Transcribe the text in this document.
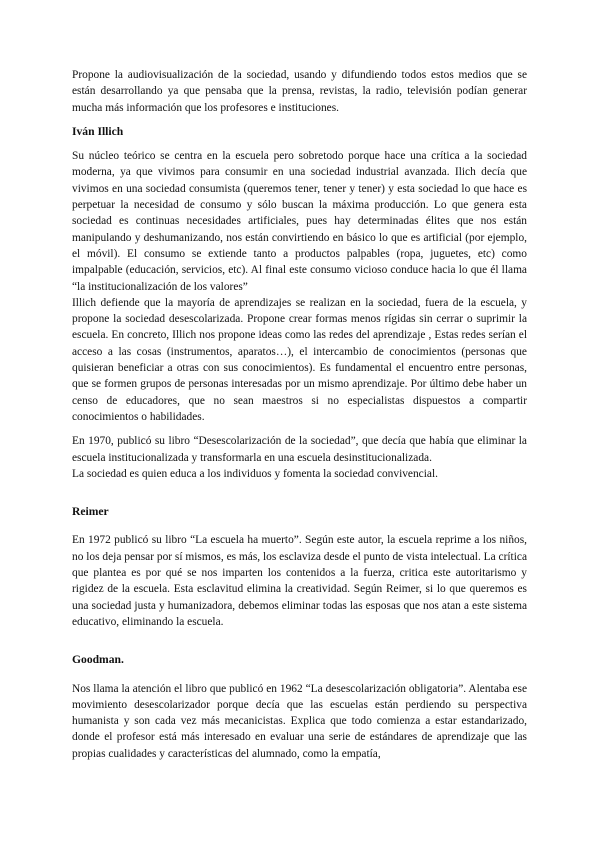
Propone la audiovisualización de la sociedad, usando y difundiendo todos estos medios que se están desarrollando ya que pensaba que la prensa, revistas, la radio, televisión podían generar mucha más información que los profesores e instituciones.

Iván Illich

Su núcleo teórico se centra en la escuela pero sobretodo porque hace una crítica a la sociedad moderna, ya que vivimos para consumir en una sociedad industrial avanzada. Ilich decía que vivimos en una sociedad consumista (queremos tener, tener y tener) y esta sociedad lo que hace es perpetuar la necesidad de consumo y sólo buscan la máxima producción. Lo que genera esta sociedad es continuas necesidades artificiales, pues hay determinadas élites que nos están manipulando y deshumanizando, nos están convirtiendo en básico lo que es artificial (por ejemplo, el móvil). El consumo se extiende tanto a productos palpables (ropa, juguetes, etc) como impalpable (educación, servicios, etc). Al final este consumo vicioso conduce hacia lo que él llama “la institucionalización de los valores”

Illich defiende que la mayoría de aprendizajes se realizan en la sociedad, fuera de la escuela, y propone la sociedad desescolarizada. Propone crear formas menos rígidas sin cerrar o suprimir la escuela. En concreto, Illich nos propone ideas como las redes del aprendizaje , Estas redes serían el acceso a las cosas (instrumentos, aparatos…), el intercambio de conocimientos (personas que quisieran beneficiar a otras con sus conocimientos). Es fundamental el encuentro entre personas, que se formen grupos de personas interesadas por un mismo aprendizaje. Por último debe haber un censo de educadores, que no sean maestros si no especialistas dispuestos a compartir conocimientos o habilidades.

En 1970, publicó su libro “Desescolarización de la sociedad”, que decía que había que eliminar la escuela institucionalizada y transformarla en una escuela desinstitucionalizada.

La sociedad es quien educa a los individuos y fomenta la sociedad convivencial.

Reimer

En 1972 publicó su libro “La escuela ha muerto”. Según este autor, la escuela reprime a los niños, no los deja pensar por sí mismos, es más, los esclaviza desde el punto de vista intelectual. La crítica que plantea es por qué se nos imparten los contenidos a la fuerza, critica este autoritarismo y rigidez de la escuela. Esta esclavitud elimina la creatividad. Según Reimer, si lo que queremos es una sociedad justa y humanizadora, debemos eliminar todas las esposas que nos atan a este sistema educativo, eliminando la escuela.

Goodman.

Nos llama la atención el libro que publicó en 1962 “La desescolarización obligatoria”. Alentaba ese movimiento desescolarizador porque decía que las escuelas están perdiendo su perspectiva humanista y son cada vez más mecanicistas. Explica que todo comienza a estar estandarizado, donde el profesor está más interesado en evaluar una serie de estándares de aprendizaje que las propias cualidades y características del alumnado, como la empatía,
